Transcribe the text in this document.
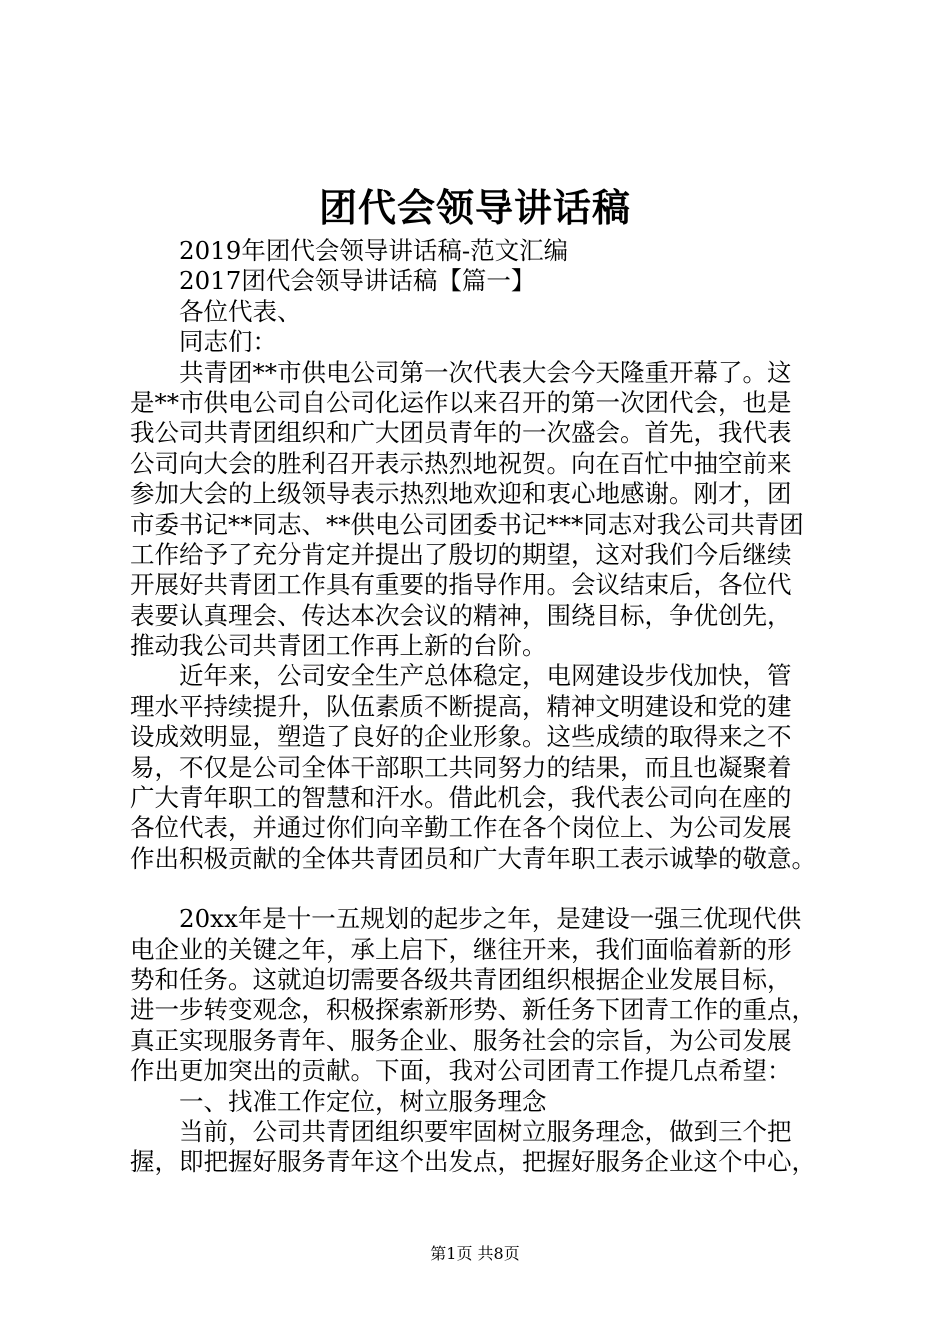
团代会领导讲话稿
2019年团代会领导讲话稿-范文汇编
2017团代会领导讲话稿【篇一】
各位代表、
同志们：
共青团**市供电公司第一次代表大会今天隆重开幕了。这
是**市供电公司自公司化运作以来召开的第一次团代会，也是
我公司共青团组织和广大团员青年的一次盛会。首先，我代表
公司向大会的胜利召开表示热烈地祝贺。向在百忙中抽空前来
参加大会的上级领导表示热烈地欢迎和衷心地感谢。刚才，团
市委书记**同志、**供电公司团委书记***同志对我公司共青团
工作给予了充分肯定并提出了殷切的期望，这对我们今后继续
开展好共青团工作具有重要的指导作用。会议结束后，各位代
表要认真理会、传达本次会议的精神，围绕目标，争优创先，
推动我公司共青团工作再上新的台阶。
近年来，公司安全生产总体稳定，电网建设步伐加快，管
理水平持续提升，队伍素质不断提高，精神文明建设和党的建
设成效明显，塑造了良好的企业形象。这些成绩的取得来之不
易，不仅是公司全体干部职工共同努力的结果，而且也凝聚着
广大青年职工的智慧和汗水。借此机会，我代表公司向在座的
各位代表，并通过你们向辛勤工作在各个岗位上、为公司发展
作出积极贡献的全体共青团员和广大青年职工表示诚挚的敬意。
20xx年是十一五规划的起步之年，是建设一强三优现代供
电企业的关键之年，承上启下，继往开来，我们面临着新的形
势和任务。这就迫切需要各级共青团组织根据企业发展目标，
进一步转变观念，积极探索新形势、新任务下团青工作的重点，
真正实现服务青年、服务企业、服务社会的宗旨，为公司发展
作出更加突出的贡献。下面，我对公司团青工作提几点希望：
一、找准工作定位，树立服务理念
当前，公司共青团组织要牢固树立服务理念，做到三个把
握，即把握好服务青年这个出发点，把握好服务企业这个中心，
第1页 共8页
